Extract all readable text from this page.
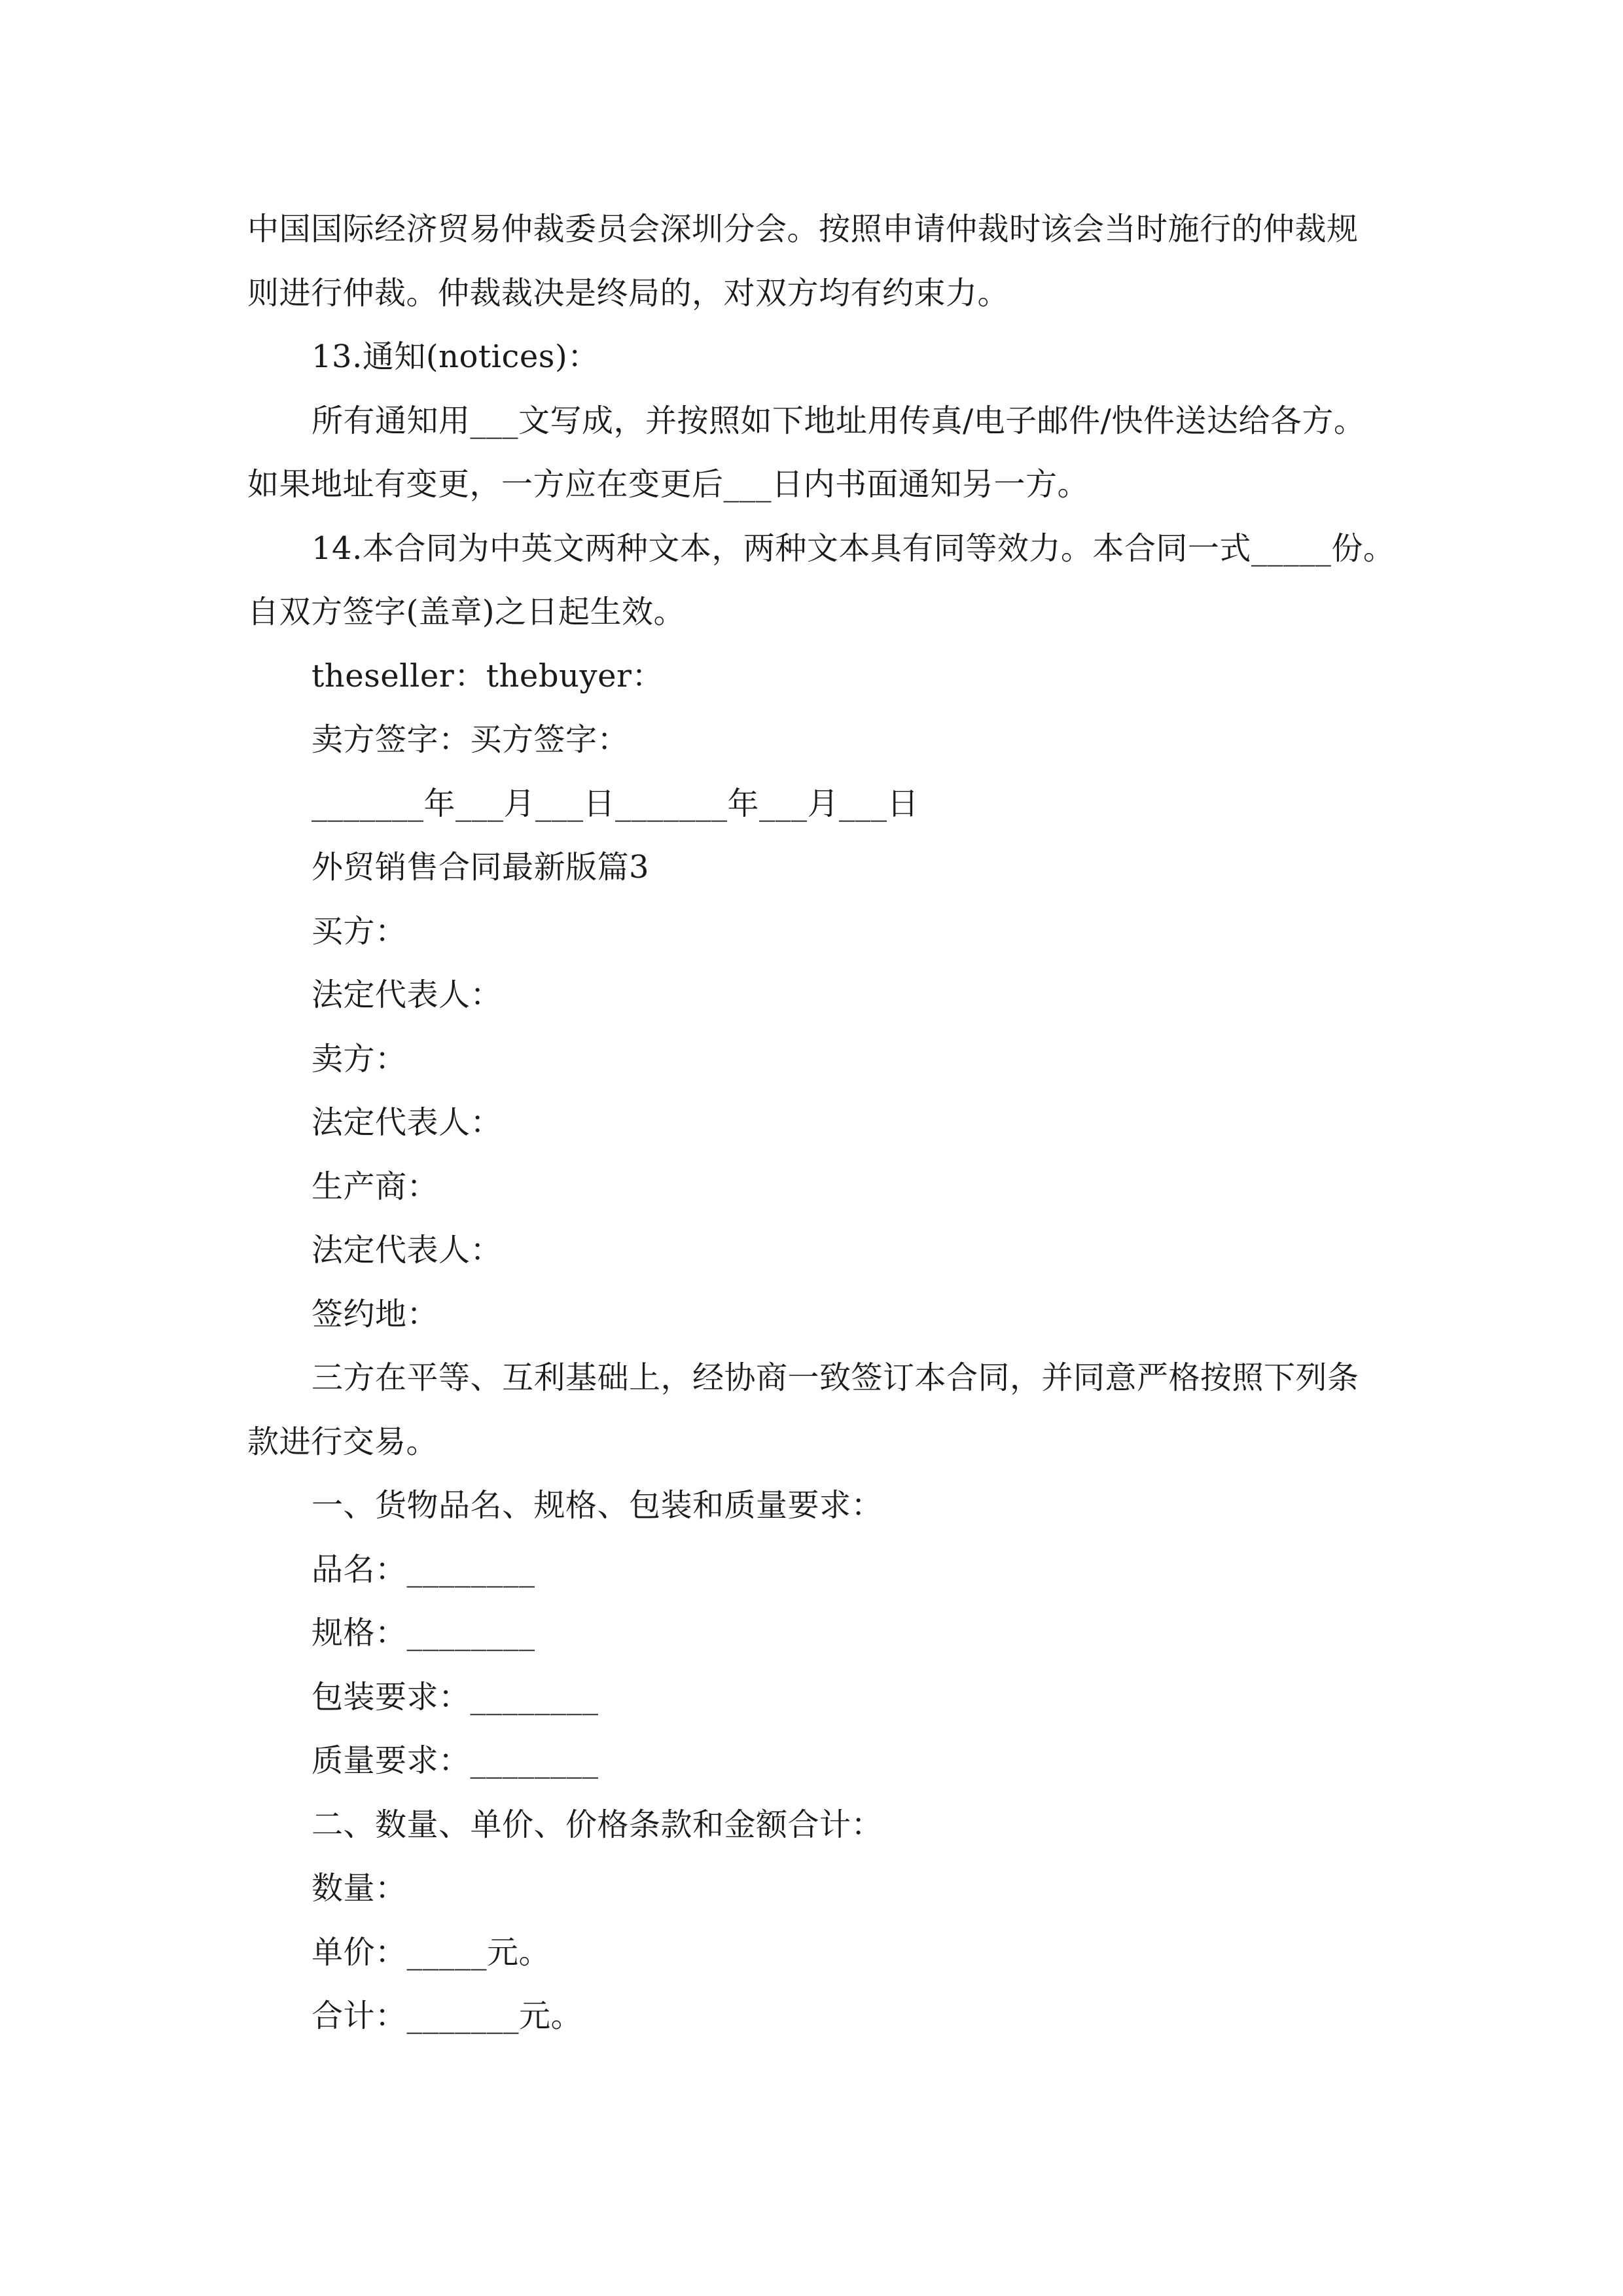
中国国际经济贸易仲裁委员会深圳分会。按照申请仲裁时该会当时施行的仲裁规
则进行仲裁。仲裁裁决是终局的，对双方均有约束力。
13.通知(notices)：
所有通知用___文写成，并按照如下地址用传真/电子邮件/快件送达给各方。
如果地址有变更，一方应在变更后___日内书面通知另一方。
14.本合同为中英文两种文本，两种文本具有同等效力。本合同一式_____份。
自双方签字(盖章)之日起生效。
theseller：thebuyer：
卖方签字：买方签字：
_______年___月___日_______年___月___日
外贸销售合同最新版篇3
买方：
法定代表人：
卖方：
法定代表人：
生产商：
法定代表人：
签约地：
三方在平等、互利基础上，经协商一致签订本合同，并同意严格按照下列条
款进行交易。
一、货物品名、规格、包装和质量要求：
品名：________
规格：________
包装要求：________
质量要求：________
二、数量、单价、价格条款和金额合计：
数量：
单价：_____元。
合计：_______元。
